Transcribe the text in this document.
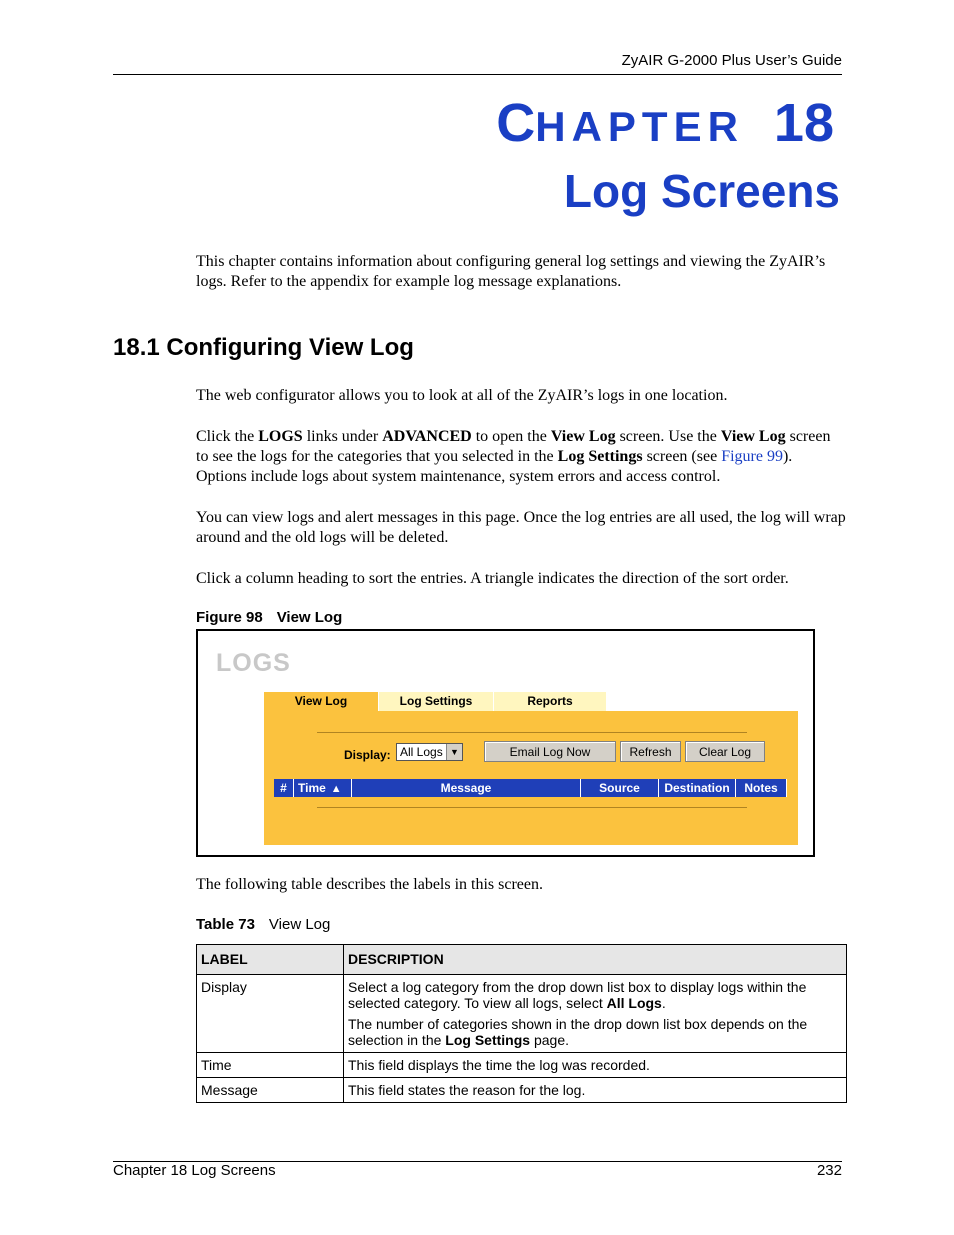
ZyAIR G-2000 Plus User’s Guide
CHAPTER 18
Log Screens
This chapter contains information about configuring general log settings and viewing the ZyAIR’s logs. Refer to the appendix for example log message explanations.
18.1 Configuring View Log
The web configurator allows you to look at all of the ZyAIR’s logs in one location.
Click the LOGS links under ADVANCED to open the View Log screen. Use the View Log screen to see the logs for the categories that you selected in the Log Settings screen (see Figure 99). Options include logs about system maintenance, system errors and access control.
You can view logs and alert messages in this page. Once the log entries are all used, the log will wrap around and the old logs will be deleted.
Click a column heading to sort the entries. A triangle indicates the direction of the sort order.
Figure 98 View Log
LOGS
View Log	Log Settings	Reports
Display: All Logs ▼	Email Log Now	Refresh	Clear Log
# Time ▲	Message	Source	Destination	Notes
The following table describes the labels in this screen.
Table 73 View Log
LABEL	DESCRIPTION
Display	Select a log category from the drop down list box to display logs within the selected category. To view all logs, select All Logs.

The number of categories shown in the drop down list box depends on the selection in the Log Settings page.

Time	This field displays the time the log was recorded.
Message	This field states the reason for the log.
Chapter 18 Log Screens	232
